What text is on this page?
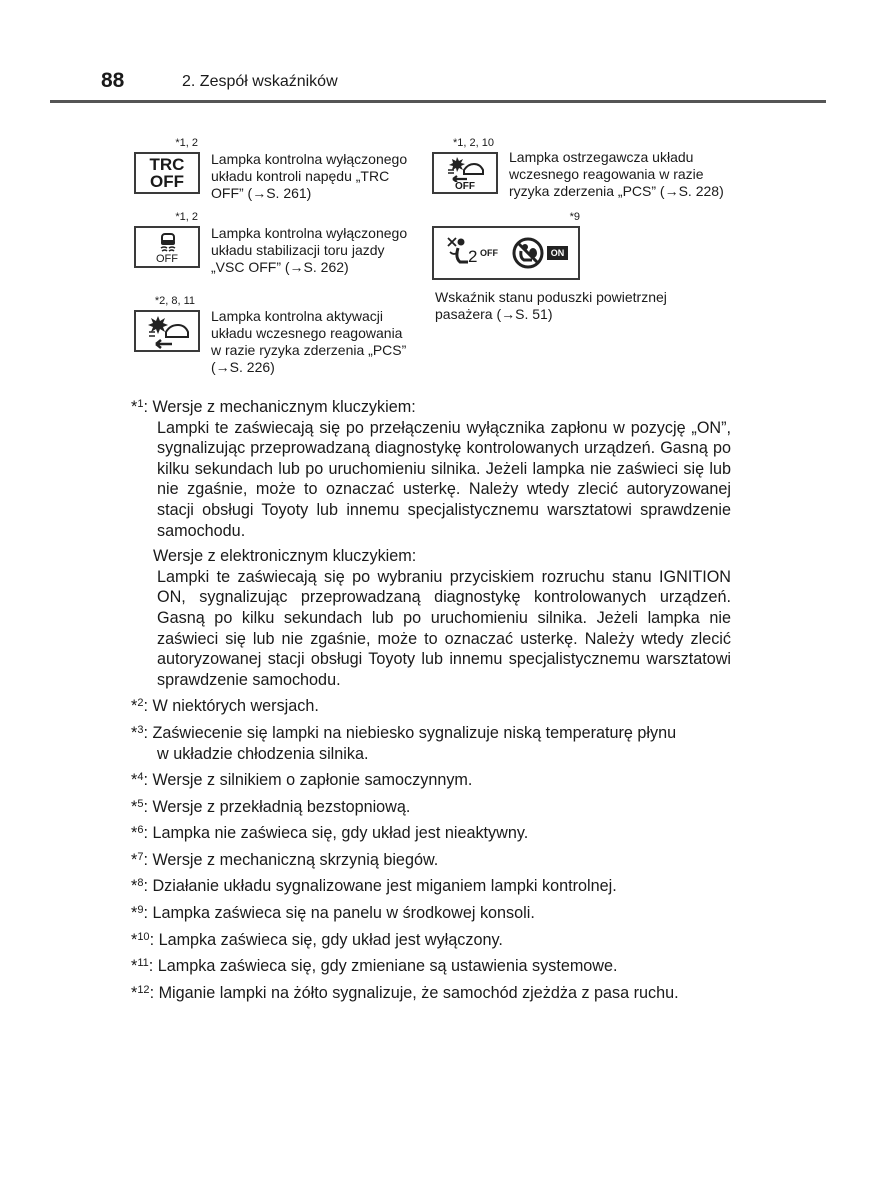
88	2. Zespół wskaźników
*1, 2
TRC
OFF
Lampka kontrolna wyłączonego
układu kontroli napędu „TRC
OFF” (→S. 261)
*1, 2
OFF
Lampka kontrolna wyłączonego
układu stabilizacji toru jazdy
„VSC OFF” (→S. 262)
*2, 8, 11
Lampka kontrolna aktywacji
układu wczesnego reagowania
w razie ryzyka zderzenia „PCS”
(→S. 226)
*1, 2, 10
OFF
Lampka ostrzegawcza układu
wczesnego reagowania w razie
ryzyka zderzenia „PCS” (→S. 228)
*9
2 OFF	ON
Wskaźnik stanu poduszki powietrznej
pasażera (→S. 51)
*$^1$: Wersje z mechanicznym kluczykiem:
Lampki te zaświecają się po przełączeniu wyłącznika zapłonu w pozycję „ON”, sygnalizując przeprowadzaną diagnostykę kontrolowanych urządzeń. Gasną po kilku sekundach lub po uruchomieniu silnika. Jeżeli lampka nie zaświeci się lub nie zgaśnie, może to oznaczać usterkę. Należy wtedy zlecić autoryzowanej stacji obsługi Toyoty lub innemu specjalistycznemu warsztatowi sprawdzenie samochodu.
Wersje z elektronicznym kluczykiem:
Lampki te zaświecają się po wybraniu przyciskiem rozruchu stanu IGNITION ON, sygnalizując przeprowadzaną diagnostykę kontrolowanych urządzeń. Gasną po kilku sekundach lub po uruchomieniu silnika. Jeżeli lampka nie zaświeci się lub nie zgaśnie, może to oznaczać usterkę. Należy wtedy zlecić autoryzowanej stacji obsługi Toyoty lub innemu specjalistycznemu warsztatowi sprawdzenie samochodu.
*$^2$: W niektórych wersjach.
*$^3$: Zaświecenie się lampki na niebiesko sygnalizuje niską temperaturę płynu
w układzie chłodzenia silnika.
*$^4$: Wersje z silnikiem o zapłonie samoczynnym.
*$^5$: Wersje z przekładnią bezstopniową.
*$^6$: Lampka nie zaświeca się, gdy układ jest nieaktywny.
*$^7$: Wersje z mechaniczną skrzynią biegów.
*$^8$: Działanie układu sygnalizowane jest miganiem lampki kontrolnej.
*$^9$: Lampka zaświeca się na panelu w środkowej konsoli.
*$^{10}$: Lampka zaświeca się, gdy układ jest wyłączony.
*$^{11}$: Lampka zaświeca się, gdy zmieniane są ustawienia systemowe.
*$^{12}$: Miganie lampki na żółto sygnalizuje, że samochód zjeżdża z pasa ruchu.
